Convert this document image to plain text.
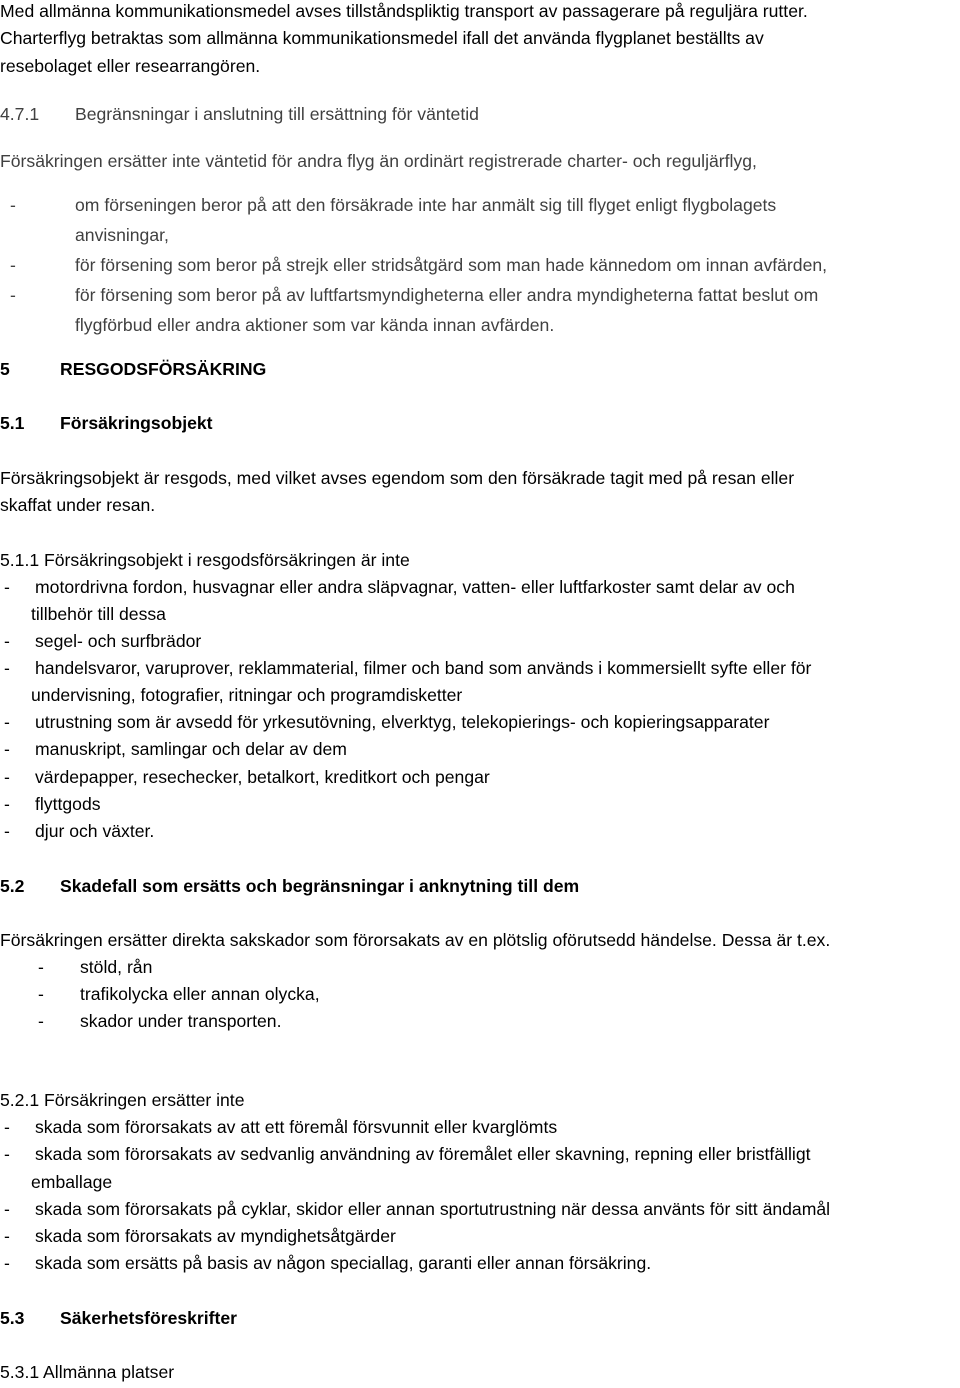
Med allmänna kommunikationsmedel avses tillståndspliktig transport av passagerare på reguljära rutter.
Charterflyg betraktas som allmänna kommunikationsmedel ifall det använda flygplanet beställts av
resebolaget eller researrangören.
4.7.1 Begränsningar i anslutning till ersättning för väntetid
Försäkringen ersätter inte väntetid för andra flyg än ordinärt registrerade charter- och reguljärflyg,
-	om förseningen beror på att den försäkrade inte har anmält sig till flyget enligt flygbolagets
anvisningar,
-	för försening som beror på strejk eller stridsåtgärd som man hade kännedom om innan avfärden,
-	för försening som beror på av luftfartsmyndigheterna eller andra myndigheterna fattat beslut om
flygförbud eller andra aktioner som var kända innan avfärden.
5	RESGODSFÖRSÄKRING
5.1 Försäkringsobjekt
Försäkringsobjekt är resgods, med vilket avses egendom som den försäkrade tagit med på resan eller
skaffat under resan.
5.1.1 Försäkringsobjekt i resgodsförsäkringen är inte
- motordrivna fordon, husvagnar eller andra släpvagnar, vatten- eller luftfarkoster samt delar av och
tillbehör till dessa
- segel- och surfbrädor
- handelsvaror, varuprover, reklammaterial, filmer och band som används i kommersiellt syfte eller för
undervisning, fotografier, ritningar och programdisketter
- utrustning som är avsedd för yrkesutövning, elverktyg, telekopierings- och kopieringsapparater
- manuskript, samlingar och delar av dem
- värdepapper, resechecker, betalkort, kreditkort och pengar
- flyttgods
- djur och växter.
5.2 Skadefall som ersätts och begränsningar i anknytning till dem
Försäkringen ersätter direkta sakskador som förorsakats av en plötslig oförutsedd händelse. Dessa är t.ex.
- stöld, rån
- trafikolycka eller annan olycka,
- skador under transporten.
5.2.1 Försäkringen ersätter inte
- skada som förorsakats av att ett föremål försvunnit eller kvarglömts
- skada som förorsakats av sedvanlig användning av föremålet eller skavning, repning eller bristfälligt
emballage
- skada som förorsakats på cyklar, skidor eller annan sportutrustning när dessa använts för sitt ändamål
- skada som förorsakats av myndighetsåtgärder
- skada som ersätts på basis av någon speciallag, garanti eller annan försäkring.
5.3 Säkerhetsföreskrifter
5.3.1 Allmänna platser
